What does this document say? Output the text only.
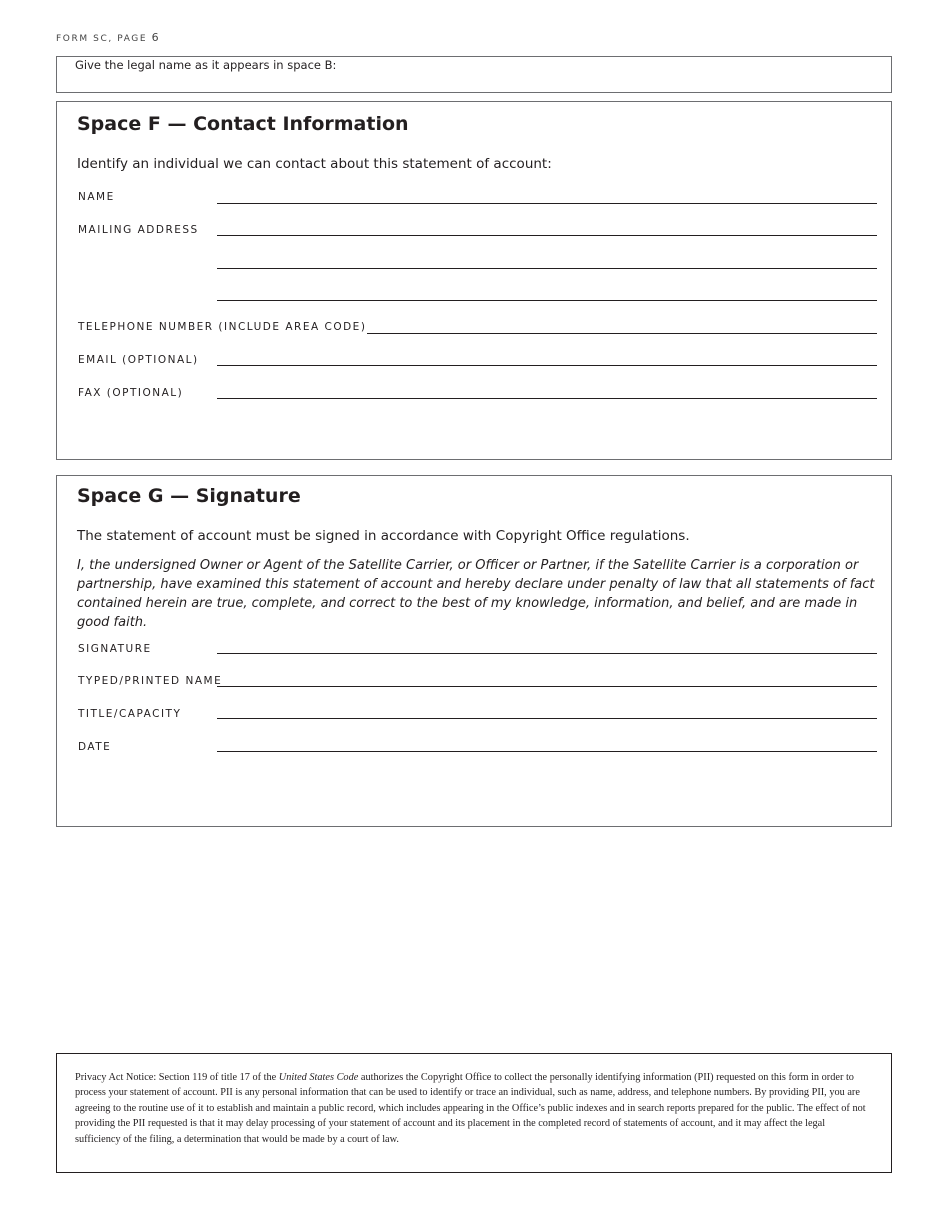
FORM SC, PAGE 6
Give the legal name as it appears in space B:
Space F — Contact Information
Identify an individual we can contact about this statement of account:
NAME
MAILING ADDRESS
TELEPHONE NUMBER (INCLUDE AREA CODE)
EMAIL (OPTIONAL)
FAX (OPTIONAL)
Space G — Signature
The statement of account must be signed in accordance with Copyright Office regulations.

I, the undersigned Owner or Agent of the Satellite Carrier, or Officer or Partner, if the Satellite Carrier is a corporation or partnership, have examined this statement of account and hereby declare under penalty of law that all statements of fact contained herein are true, complete, and correct to the best of my knowledge, information, and belief, and are made in good faith.

SIGNATURE
TYPED/PRINTED NAME
TITLE/CAPACITY
DATE

Privacy Act Notice: Section 119 of title 17 of the United States Code authorizes the Copyright Office to collect the personally identifying information (PII) requested on this form in order to process your statement of account. PII is any personal information that can be used to identify or trace an individual, such as name, address, and telephone numbers. By providing PII, you are agreeing to the routine use of it to establish and maintain a public record, which includes appearing in the Office’s public indexes and in search reports prepared for the public. The effect of not providing the PII requested is that it may delay processing of your statement of account and its placement in the completed record of statements of account, and it may affect the legal sufficiency of the filing, a determination that would be made by a court of law.
